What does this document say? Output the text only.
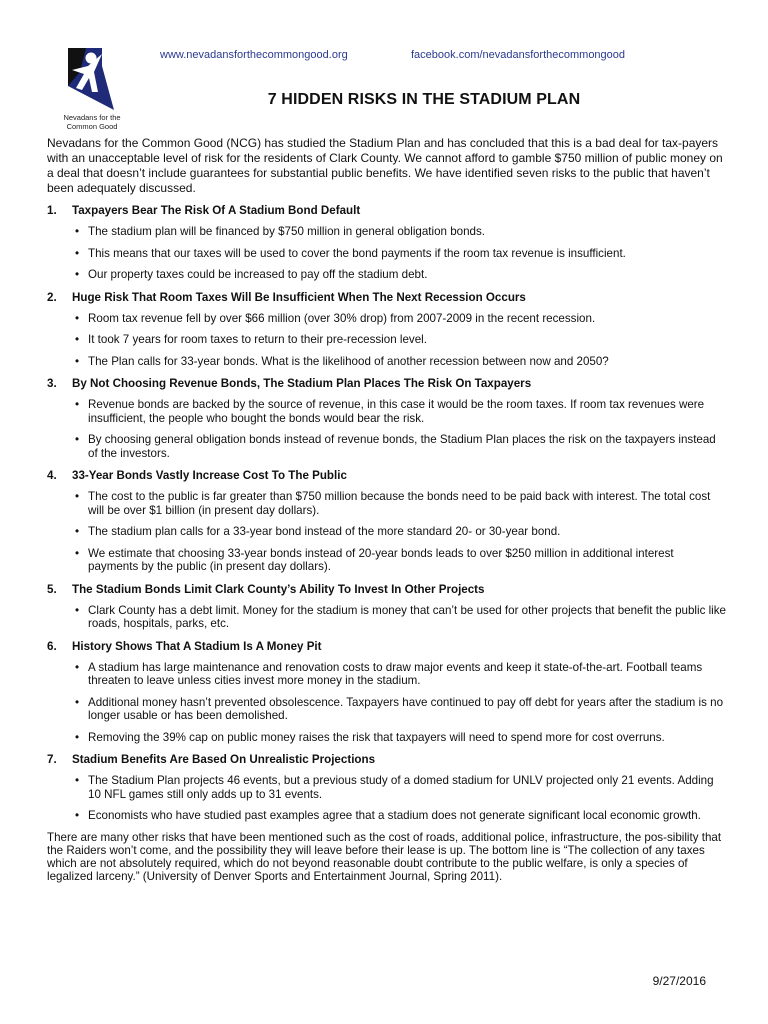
Nevadans for the Common Good
www.nevadansforthecommongood.org	facebook.com/nevadansforthecommongood
7 HIDDEN RISKS IN THE STADIUM PLAN

Nevadans for the Common Good (NCG) has studied the Stadium Plan and has concluded that this is a bad deal for tax-payers with an unacceptable level of risk for the residents of Clark County. We cannot afford to gamble $750 million of public money on a deal that doesn’t include guarantees for substantial public benefits. We have identified seven risks to the public that haven’t been adequately discussed.

1.	Taxpayers Bear The Risk Of A Stadium Bond Default
• The stadium plan will be financed by $750 million in general obligation bonds.
• This means that our taxes will be used to cover the bond payments if the room tax revenue is insufficient.
• Our property taxes could be increased to pay off the stadium debt.
2.	Huge Risk That Room Taxes Will Be Insufficient When The Next Recession Occurs
• Room tax revenue fell by over $66 million (over 30% drop) from 2007-2009 in the recent recession.
• It took 7 years for room taxes to return to their pre-recession level.
• The Plan calls for 33-year bonds. What is the likelihood of another recession between now and 2050?
3.	By Not Choosing Revenue Bonds, The Stadium Plan Places The Risk On Taxpayers
• Revenue bonds are backed by the source of revenue, in this case it would be the room taxes. If room tax revenues were insufficient, the people who bought the bonds would bear the risk.
• By choosing general obligation bonds instead of revenue bonds, the Stadium Plan places the risk on the taxpayers instead of the investors.
4.	33-Year Bonds Vastly Increase Cost To The Public
• The cost to the public is far greater than $750 million because the bonds need to be paid back with interest. The total cost will be over $1 billion (in present day dollars).
• The stadium plan calls for a 33-year bond instead of the more standard 20- or 30-year bond.
• We estimate that choosing 33-year bonds instead of 20-year bonds leads to over $250 million in additional interest payments by the public (in present day dollars).
5.	The Stadium Bonds Limit Clark County’s Ability To Invest In Other Projects
• Clark County has a debt limit. Money for the stadium is money that can’t be used for other projects that benefit the public like roads, hospitals, parks, etc.
6.	History Shows That A Stadium Is A Money Pit
• A stadium has large maintenance and renovation costs to draw major events and keep it state-of-the-art. Football teams threaten to leave unless cities invest more money in the stadium.
• Additional money hasn’t prevented obsolescence. Taxpayers have continued to pay off debt for years after the stadium is no longer usable or has been demolished.
• Removing the 39% cap on public money raises the risk that taxpayers will need to spend more for cost overruns.
7.	Stadium Benefits Are Based On Unrealistic Projections
• The Stadium Plan projects 46 events, but a previous study of a domed stadium for UNLV projected only 21 events. Adding 10 NFL games still only adds up to 31 events.
• Economists who have studied past examples agree that a stadium does not generate significant local economic growth.

There are many other risks that have been mentioned such as the cost of roads, additional police, infrastructure, the pos-sibility that the Raiders won’t come, and the possibility they will leave before their lease is up. The bottom line is “The collection of any taxes which are not absolutely required, which do not beyond reasonable doubt contribute to the public welfare, is only a species of legalized larceny.” (University of Denver Sports and Entertainment Journal, Spring 2011).

9/27/2016
